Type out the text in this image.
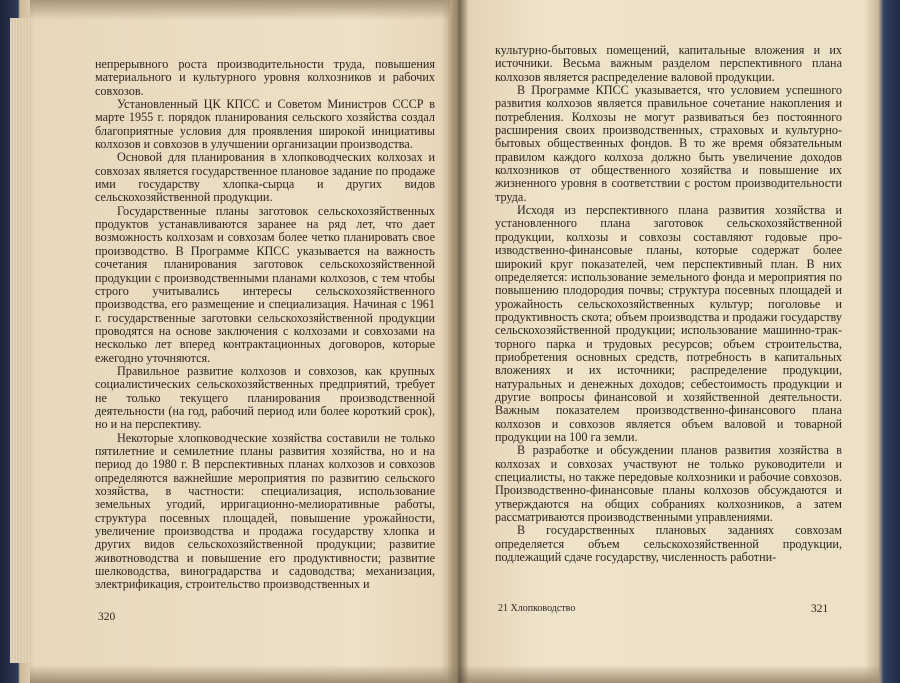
непрерывного роста производительности труда, повышения материального и культурного уровня колхозников и рабочих совхозов.

Установленный ЦК КПСС и Советом Министров СССР в марте 1955 г. порядок планирования сельского хозяйства создал благоприятные условия для проявления широкой инициативы колхозов и совхозов в улучшении организации производства.

Основой для планирования в хлопководческих колхозах и совхозах является государственное плановое задание по продаже ими государству хлопка-сырца и других видов сельскохозяйственной продукции.

Государственные планы заготовок сельскохозяйственных продуктов устанавливаются заранее на ряд лет, что дает возможность колхозам и совхозам более четко планировать свое производство. В Программе КПСС указывается на важность сочетания планирования заготовок сельскохозяйственной продукции с производственными планами колхозов, с тем чтобы строго учитывались интересы сельскохозяйственного производства, его размещение и специализация. Начиная с 1961 г. государственные заготовки сельскохозяйственной продукции проводятся на основе заключения с колхозами и совхозами на несколько лет вперед контрактационных договоров, которые ежегодно уточняются.

Правильное развитие колхозов и совхозов, как крупных социалистических сельскохозяйственных предприятий, требует не только текущего планирования производственной деятельности (на год, рабочий период или более короткий срок), но и на перспективу.

Некоторые хлопководческие хозяйства составили не только пятилетние и семилетние планы развития хозяйства, но и на период до 1980 г. В перспективных планах колхозов и совхозов определяются важнейшие мероприятия по развитию сельского хозяйства, в частности: специализация, использование земельных угодий, ирригационно-мелиоративные работы, структура посевных площадей, повышение урожайности, увеличение производства и продажа государству хлопка и других видов сельскохозяйственной продукции; развитие животноводства и повышение его продуктивности; развитие шелководства, виноградарства и садоводства; механизация, электрификация, строительство производственных и

320

культурно-бытовых помещений, капитальные вложения и их источники. Весьма важным разделом перспективного плана колхозов является распределение валовой продукции.

В Программе КПСС указывается, что условием успешного развития колхозов является правильное сочетание накопления и потребления. Колхозы не могут развиваться без постоянного расширения своих производственных, страховых и культурно-бытовых общественных фондов. В то же время обязательным правилом каждого колхоза должно быть увеличение доходов колхозников от общественного хозяйства и повышение их жизненного уровня в соответствии с ростом производительности труда.

Исходя из перспективного плана развития хозяйства и установленного плана заготовок сельскохозяйственной продукции, колхозы и совхозы составляют годовые производственно-финансовые планы, которые содержат более широкий круг показателей, чем перспективный план. В них определяется: использование земельного фонда и мероприятия по повышению плодородия почвы; структура посевных площадей и урожайность сельскохозяйственных культур; поголовье и продуктивность скота; объем производства и продажи государству сельскохозяйственной продукции; использование машинно-тракторного парка и трудовых ресурсов; объем строительства, приобретения основных средств, потребность в капитальных вложениях и их источники; распределение продукции, натуральных и денежных доходов; себестоимость продукции и другие вопросы финансовой и хозяйственной деятельности. Важным показателем производственно-финансового плана колхозов и совхозов является объем валовой и товарной продукции на 100 га земли.

В разработке и обсуждении планов развития хозяйства в колхозах и совхозах участвуют не только руководители и специалисты, но также передовые колхозники и рабочие совхозов. Производственно-финансовые планы колхозов обсуждаются и утверждаются на общих собраниях колхозников, а затем рассматриваются производственными управлениями.

В государственных плановых заданиях совхозам определяется объем сельскохозяйственной продукции, подлежащий сдаче государству, численность работни-

21 Хлопководство	321
